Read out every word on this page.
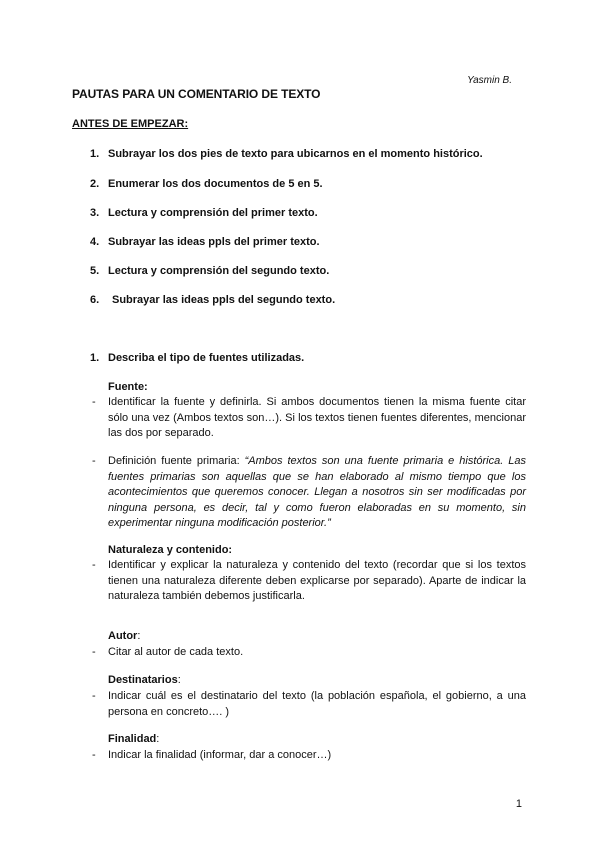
Yasmin B.
PAUTAS PARA UN COMENTARIO DE TEXTO
ANTES DE EMPEZAR:
1. Subrayar los dos pies de texto para ubicarnos en el momento histórico.
2. Enumerar los dos documentos de 5 en 5.
3. Lectura y comprensión del primer texto.
4. Subrayar las ideas ppls del primer texto.
5. Lectura y comprensión del segundo texto.
6. Subrayar las ideas ppls del segundo texto.
1. Describa el tipo de fuentes utilizadas.
Fuente:
- Identificar la fuente y definirla. Si ambos documentos tienen la misma fuente citar sólo una vez (Ambos textos son…). Si los textos tienen fuentes diferentes, mencionar las dos por separado.
- Definición fuente primaria: “Ambos textos son una fuente primaria e histórica. Las fuentes primarias son aquellas que se han elaborado al mismo tiempo que los acontecimientos que queremos conocer. Llegan a nosotros sin ser modificadas por ninguna persona, es decir, tal y como fueron elaboradas en su momento, sin experimentar ninguna modificación posterior.”
Naturaleza y contenido:
- Identificar y explicar la naturaleza y contenido del texto (recordar que si los textos tienen una naturaleza diferente deben explicarse por separado). Aparte de indicar la naturaleza también debemos justificarla.
Autor:
- Citar al autor de cada texto.
Destinatarios:
- Indicar cuál es el destinatario del texto (la población española, el gobierno, a una persona en concreto…. )
Finalidad:
- Indicar la finalidad (informar, dar a conocer…)
1
